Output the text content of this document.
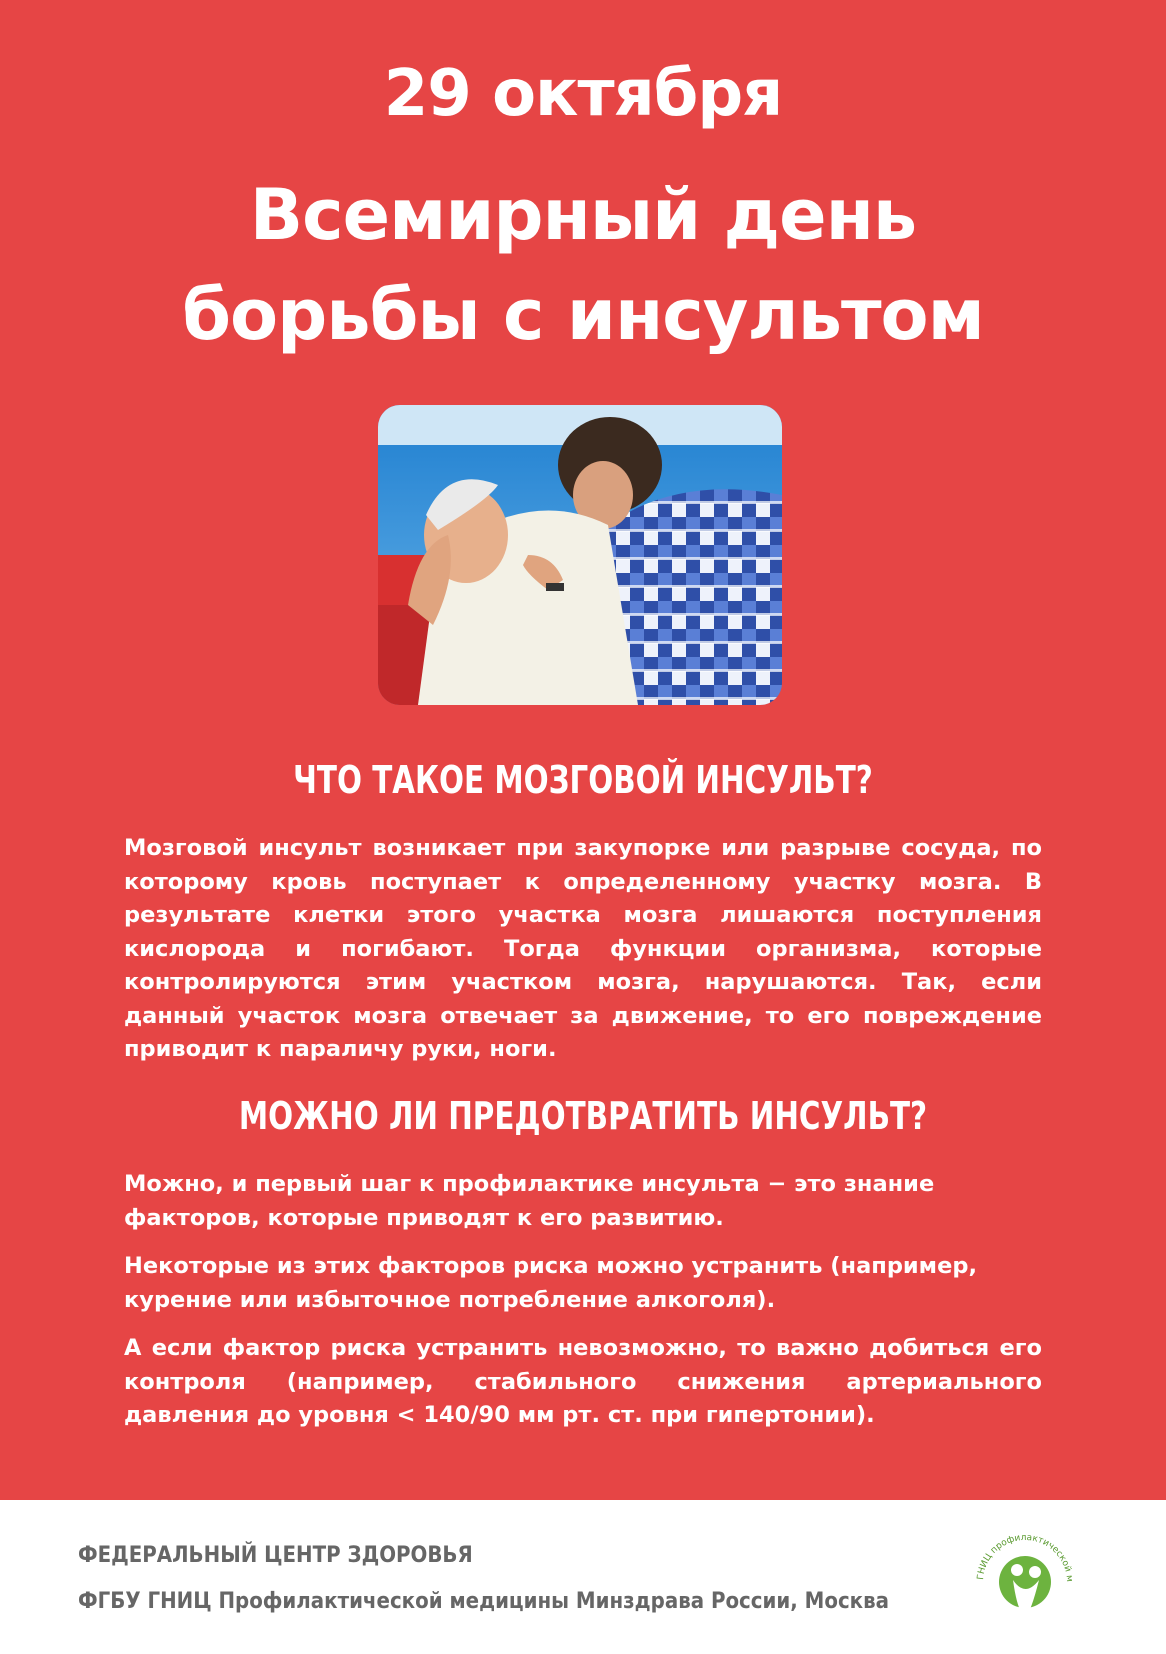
29 октября
Всемирный день
борьбы с инсультом
ЧТО ТАКОЕ МОЗГОВОЙ ИНСУЛЬТ?
Мозговой инсульт возникает при закупорке или разрыве сосуда, по которому кровь поступает к определенному участку мозга. В результате клетки этого участка мозга лишаются поступления кислорода и погибают. Тогда функции организма, которые контролируются этим участком мозга, нарушаются. Так, если данный участок мозга отвечает за движение, то его повреждение приводит к параличу руки, ноги.
МОЖНО ЛИ ПРЕДОТВРАТИТЬ ИНСУЛЬТ?
Можно, и первый шаг к профилактике инсульта − это знание факторов, которые приводят к его развитию.
Некоторые из этих факторов риска можно устранить (например, курение или избыточное потребление алкоголя).
А если фактор риска устранить невозможно, то важно добиться его контроля (например, стабильного снижения артериального давления до уровня < 140/90 мм рт. ст. при гипертонии).
ФЕДЕРАЛЬНЫЙ ЦЕНТР ЗДОРОВЬЯ
ФГБУ ГНИЦ Профилактической медицины Минздрава России, Москва
ГНИЦ профилактической м
